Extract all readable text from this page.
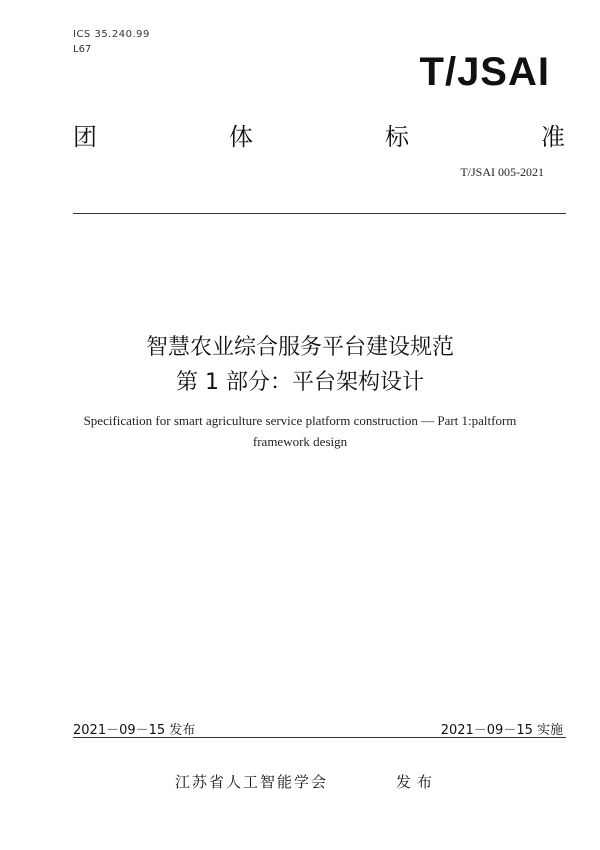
ICS 35.240.99
L67
T/JSAI
团	体	标	准
T/JSAI 005-2021
智慧农业综合服务平台建设规范
第 1 部分：平台架构设计
Specification for smart agriculture service platform construction — Part 1:paltform
framework design
2021－09－15 发布	2021－09－15 实施
江苏省人工智能学会	发布
